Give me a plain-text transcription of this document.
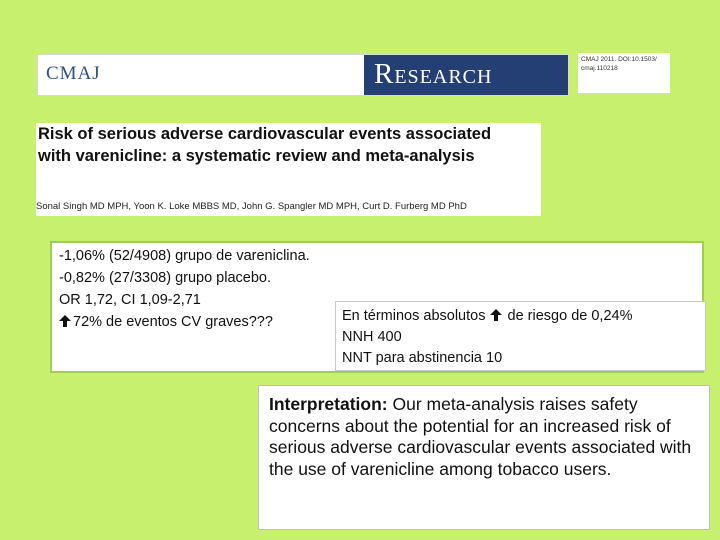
CMAJ	Research	CMAJ 2011. DOI:10.1503/
cmaj.110218
Risk of serious adverse cardiovascular events associated
with varenicline: a systematic review and meta-analysis
Sonal Singh MD MPH, Yoon K. Loke MBBS MD, John G. Spangler MD MPH, Curt D. Furberg MD PhD
-1,06% (52/4908) grupo de vareniclina.
-0,82% (27/3308) grupo placebo.
OR 1,72, CI 1,09-2,71
72% de eventos CV graves???	En términos absolutos  de riesgo de 0,24%
NNH 400
NNT para abstinencia 10
Interpretation: Our meta-analysis raises safety concerns about the potential for an increased risk of serious adverse cardiovascular events associated with the use of varenicline among tobacco users.
